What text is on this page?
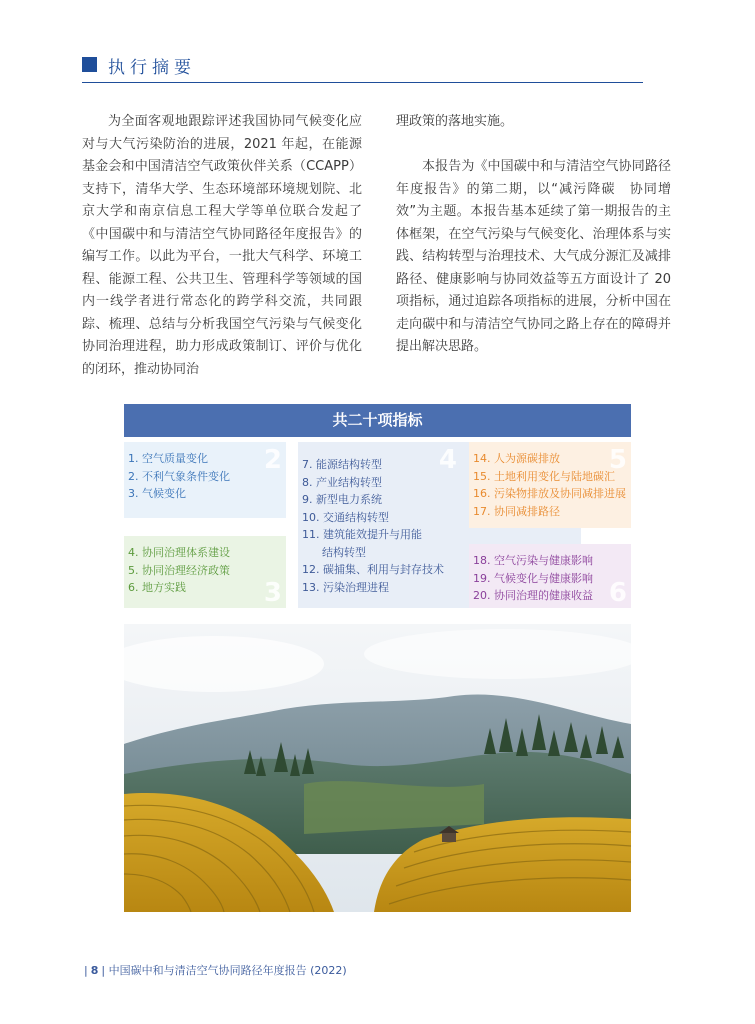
执行摘要

为全面客观地跟踪评述我国协同气候变化应对与大气污染防治的进展，2021 年起，在能源基金会和中国清洁空气政策伙伴关系（CCAPP）支持下，清华大学、生态环境部环境规划院、北京大学和南京信息工程大学等单位联合发起了《中国碳中和与清洁空气协同路径年度报告》的编写工作。以此为平台，一批大气科学、环境工程、能源工程、公共卫生、管理科学等领域的国内一线学者进行常态化的跨学科交流，共同跟踪、梳理、总结与分析我国空气污染与气候变化协同治理进程，助力形成政策制订、评价与优化的闭环，推动协同治

理政策的落地实施。

本报告为《中国碳中和与清洁空气协同路径年度报告》的第二期，以“减污降碳　协同增效”为主题。本报告基本延续了第一期报告的主体框架，在空气污染与气候变化、治理体系与实践、结构转型与治理技术、大气成分源汇及减排路径、健康影响与协同效益等五方面设计了 20 项指标，通过追踪各项指标的进展，分析中国在走向碳中和与清洁空气协同之路上存在的障碍并提出解决思路。

共二十项指标
1. 空气质量变化
2. 不利气象条件变化
3. 气候变化
2
4. 协同治理体系建设
5. 协同治理经济政策
6. 地方实践	3
7. 能源结构转型
8. 产业结构转型
9. 新型电力系统
10. 交通结构转型
11. 建筑能效提升与用能
结构转型
12. 碳捕集、利用与封存技术
13. 污染治理进程
4 14. 人为源碳排放
15. 土地利用变化与陆地碳汇
16. 污染物排放及协同减排进展
17. 协同减排路径
5
18. 空气污染与健康影响
19. 气候变化与健康影响
20. 协同治理的健康收益 6
| 8 | 中国碳中和与清洁空气协同路径年度报告 (2022)
